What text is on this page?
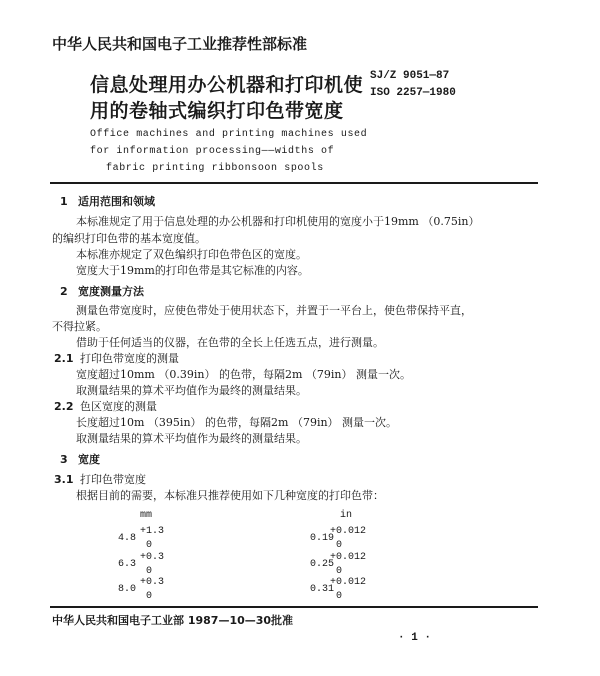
中华人民共和国电子工业推荐性部标准
信息处理用办公机器和打印机使
用的卷轴式编织打印色带宽度
SJ/Z 9051—87
ISO 2257—1980
Office machines and printing machines used
for information processing——widths of
fabric printing ribbonsoon spools
1 适用范围和领域
本标准规定了用于信息处理的办公机器和打印机使用的宽度小于19mm （0.75in）
的编织打印色带的基本宽度值。
本标准亦规定了双色编织打印色带色区的宽度。
宽度大于19mm的打印色带是其它标准的内容。
2 宽度测量方法
测量色带宽度时，应使色带处于使用状态下，并置于一平台上，使色带保持平直，
不得拉紧。
借助于任何适当的仪器，在色带的全长上任选五点，进行测量。
2.1 打印色带宽度的测量
宽度超过10mm （0.39in） 的色带，每隔2m （79in） 测量一次。
取测量结果的算术平均值作为最终的测量结果。
2.2 色区宽度的测量
长度超过10m （395in） 的色带，每隔2m （79in） 测量一次。
取测量结果的算术平均值作为最终的测量结果。
3 宽度
3.1 打印色带宽度
根据目前的需要，本标准只推荐使用如下几种宽度的打印色带：
mm	in
4.8
+1.3
0
0.19
+0.012
0
6.3
+0.3
0
0.25
+0.012
0
8.0
+0.3
0
0.31
+0.012
0
中华人民共和国电子工业部 1987—10—30批准
· 1 ·
